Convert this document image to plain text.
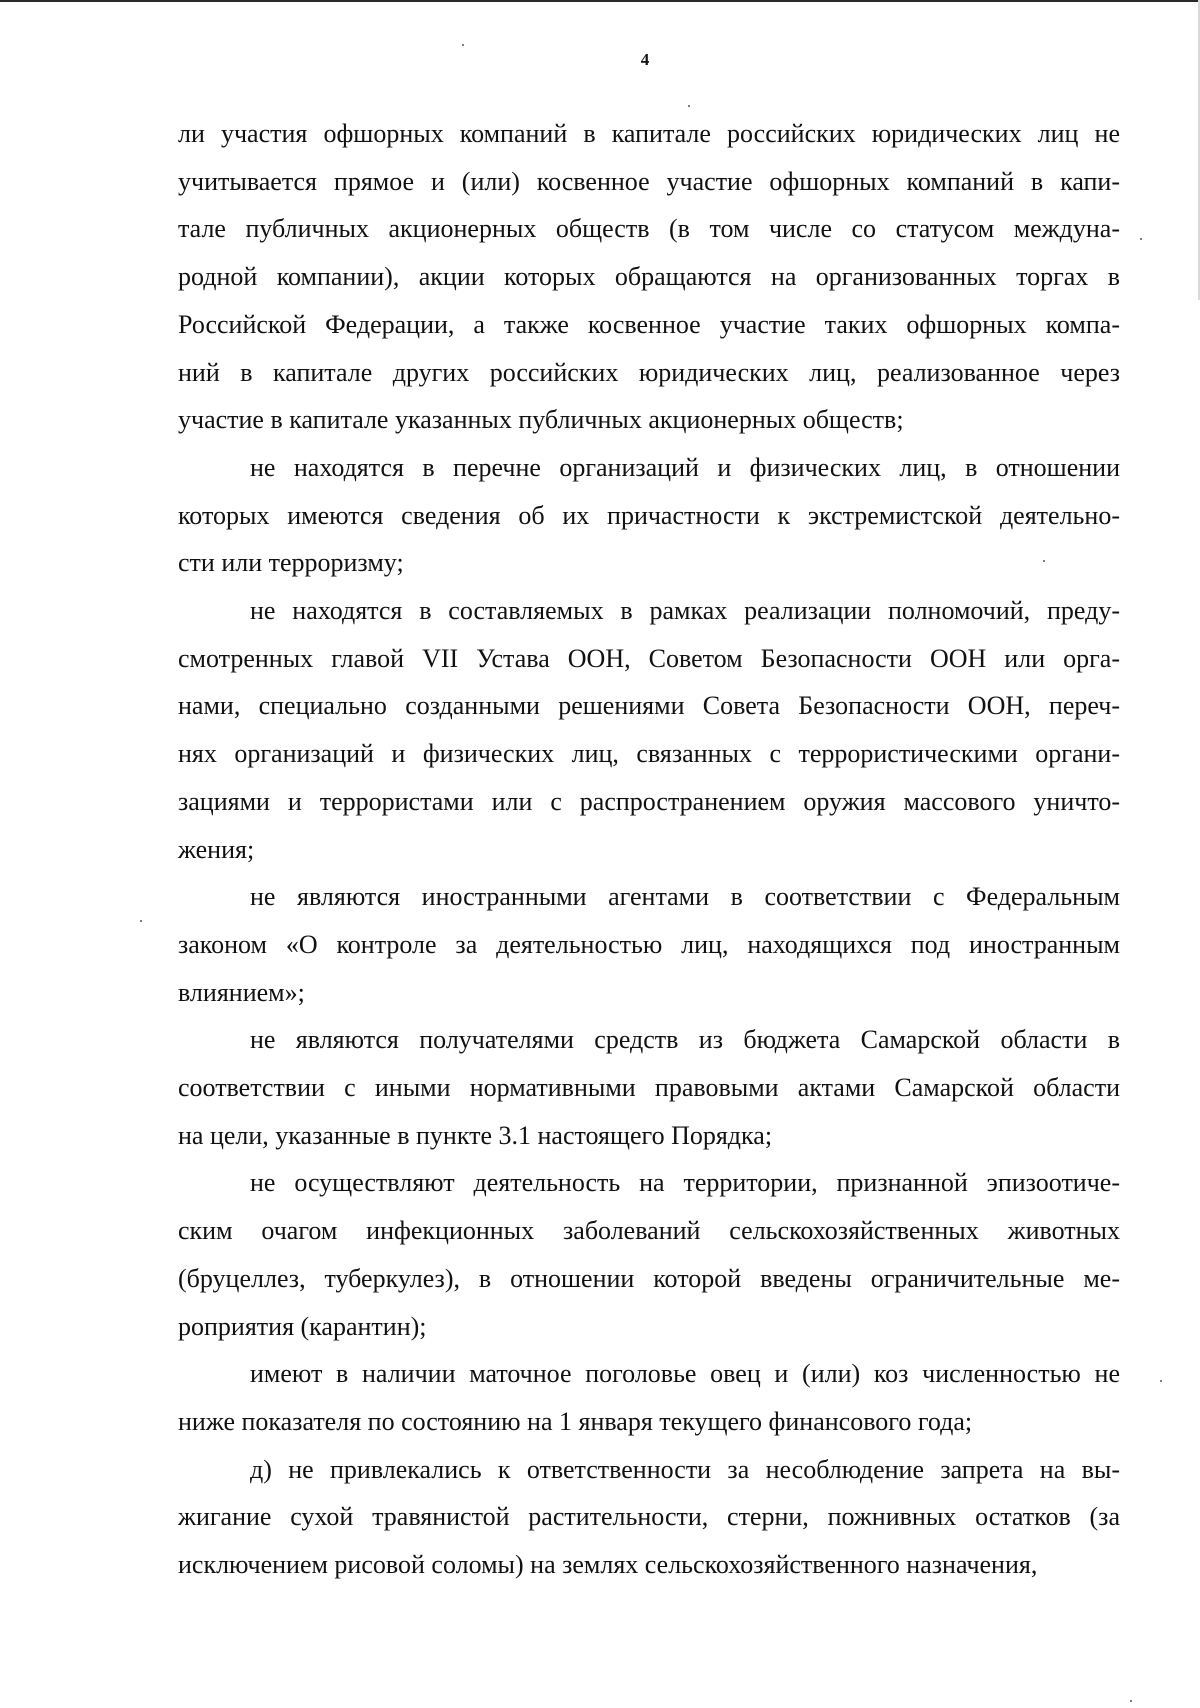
4

ли участия офшорных компаний в капитале российских юридических лиц не
учитывается прямое и (или) косвенное участие офшорных компаний в капи-
тале публичных акционерных обществ (в том числе со статусом междуна-
родной компании), акции которых обращаются на организованных торгах в
Российской Федерации, а также косвенное участие таких офшорных компа-
ний в капитале других российских юридических лиц, реализованное через
участие в капитале указанных публичных акционерных обществ;

не находятся в перечне организаций и физических лиц, в отношении
которых имеются сведения об их причастности к экстремистской деятельно-
сти или терроризму;

не находятся в составляемых в рамках реализации полномочий, преду-
смотренных главой VII Устава ООН, Советом Безопасности ООН или орга-
нами, специально созданными решениями Совета Безопасности ООН, переч-
нях организаций и физических лиц, связанных с террористическими органи-
зациями и террористами или с распространением оружия массового уничто-
жения;

не являются иностранными агентами в соответствии с Федеральным
законом «О контроле за деятельностью лиц, находящихся под иностранным
влиянием»;

не являются получателями средств из бюджета Самарской области в
соответствии с иными нормативными правовыми актами Самарской области
на цели, указанные в пункте 3.1 настоящего Порядка;

не осуществляют деятельность на территории, признанной эпизоотиче-
ским очагом инфекционных заболеваний сельскохозяйственных животных
(бруцеллез, туберкулез), в отношении которой введены ограничительные ме-
роприятия (карантин);

имеют в наличии маточное поголовье овец и (или) коз численностью не
ниже показателя по состоянию на 1 января текущего финансового года;

д) не привлекались к ответственности за несоблюдение запрета на вы-
жигание сухой травянистой растительности, стерни, пожнивных остатков (за
исключением рисовой соломы) на землях сельскохозяйственного назначения,
